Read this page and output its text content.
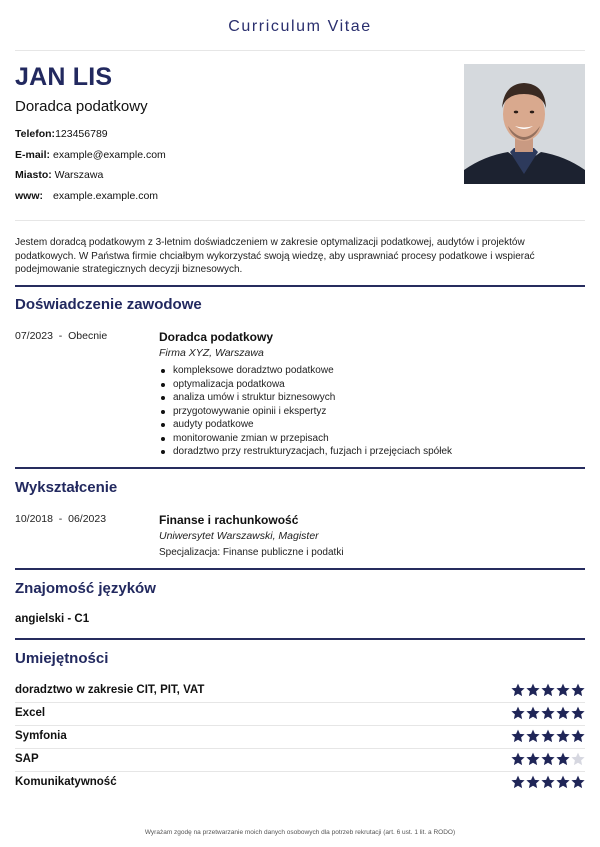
Curriculum Vitae
JAN LIS
Doradca podatkowy
Telefon:123456789
E-mail: example@example.com
Miasto: Warszawa
www: example.example.com
Jestem doradcą podatkowym z 3-letnim doświadczeniem w zakresie optymalizacji podatkowej, audytów i projektów podatkowych. W Państwa firmie chciałbym wykorzystać swoją wiedzę, aby usprawniać procesy podatkowe i wspierać podejmowanie strategicznych decyzji biznesowych.
Doświadczenie zawodowe
07/2023  -  Obecnie	Doradca podatkowy
Firma XYZ, Warszawa
kompleksowe doradztwo podatkowe
optymalizacja podatkowa
analiza umów i struktur biznesowych
przygotowywanie opinii i ekspertyz
audyty podatkowe
monitorowanie zmian w przepisach
doradztwo przy restrukturyzacjach, fuzjach i przejęciach spółek
Wykształcenie
10/2018  -  06/2023	Finanse i rachunkowość
Uniwersytet Warszawski, Magister
Specjalizacja: Finanse publiczne i podatki
Znajomość języków
angielski - C1
Umiejętności
doradztwo w zakresie CIT, PIT, VAT
Excel
Symfonia
SAP
Komunikatywność
Wyrażam zgodę na przetwarzanie moich danych osobowych dla potrzeb rekrutacji (art. 6 ust. 1 lit. a RODO)
